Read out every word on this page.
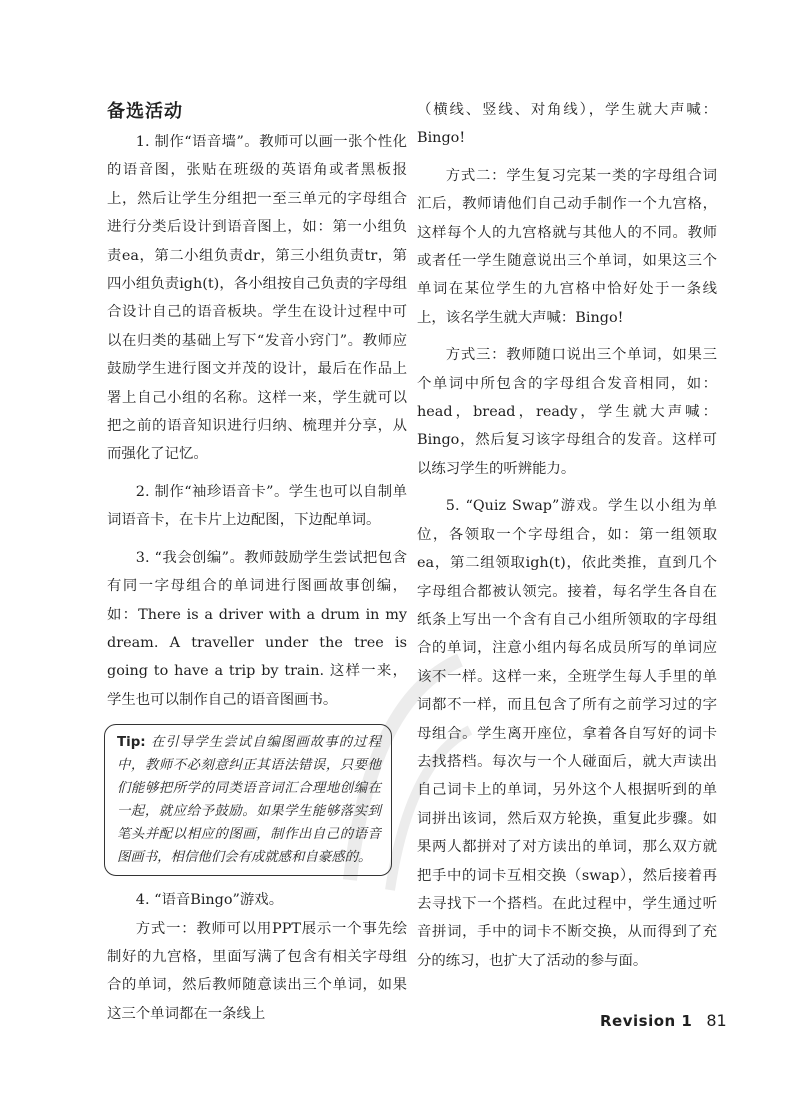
备选活动

1. 制作“语音墙”。教师可以画一张个性化的语音图，张贴在班级的英语角或者黑板报上，然后让学生分组把一至三单元的字母组合进行分类后设计到语音图上，如：第一小组负责ea，第二小组负责dr，第三小组负责tr，第四小组负责igh(t)，各小组按自己负责的字母组合设计自己的语音板块。学生在设计过程中可以在归类的基础上写下“发音小窍门”。教师应鼓励学生进行图文并茂的设计，最后在作品上署上自己小组的名称。这样一来，学生就可以把之前的语音知识进行归纳、梳理并分享，从而强化了记忆。

2. 制作“袖珍语音卡”。学生也可以自制单词语音卡，在卡片上边配图，下边配单词。

3. “我会创编”。教师鼓励学生尝试把包含有同一字母组合的单词进行图画故事创编，如：There is a driver with a drum in my dream. A traveller under the tree is going to have a trip by train. 这样一来，学生也可以制作自己的语音图画书。

Tip: 在引导学生尝试自编图画故事的过程中，教师不必刻意纠正其语法错误，只要他们能够把所学的同类语音词汇合理地创编在一起，就应给予鼓励。如果学生能够落实到笔头并配以相应的图画，制作出自己的语音图画书，相信他们会有成就感和自豪感的。

4. “语音Bingo”游戏。

方式一：教师可以用PPT展示一个事先绘制好的九宫格，里面写满了包含有相关字母组合的单词，然后教师随意读出三个单词，如果这三个单词都在一条线上

（横线、竖线、对角线），学生就大声喊：Bingo!

方式二：学生复习完某一类的字母组合词汇后，教师请他们自己动手制作一个九宫格，这样每个人的九宫格就与其他人的不同。教师或者任一学生随意说出三个单词，如果这三个单词在某位学生的九宫格中恰好处于一条线上，该名学生就大声喊：Bingo!

方式三：教师随口说出三个单词，如果三个单词中所包含的字母组合发音相同，如：head，bread，ready，学生就大声喊：Bingo，然后复习该字母组合的发音。这样可以练习学生的听辨能力。

5. “Quiz Swap”游戏。学生以小组为单位，各领取一个字母组合，如：第一组领取ea，第二组领取igh(t)，依此类推，直到几个字母组合都被认领完。接着，每名学生各自在纸条上写出一个含有自己小组所领取的字母组合的单词，注意小组内每名成员所写的单词应该不一样。这样一来，全班学生每人手里的单词都不一样，而且包含了所有之前学习过的字母组合。学生离开座位，拿着各自写好的词卡去找搭档。每次与一个人碰面后，就大声读出自己词卡上的单词，另外这个人根据听到的单词拼出该词，然后双方轮换，重复此步骤。如果两人都拼对了对方读出的单词，那么双方就把手中的词卡互相交换（swap），然后接着再去寻找下一个搭档。在此过程中，学生通过听音拼词，手中的词卡不断交换，从而得到了充分的练习，也扩大了活动的参与面。

Revision 1 81
